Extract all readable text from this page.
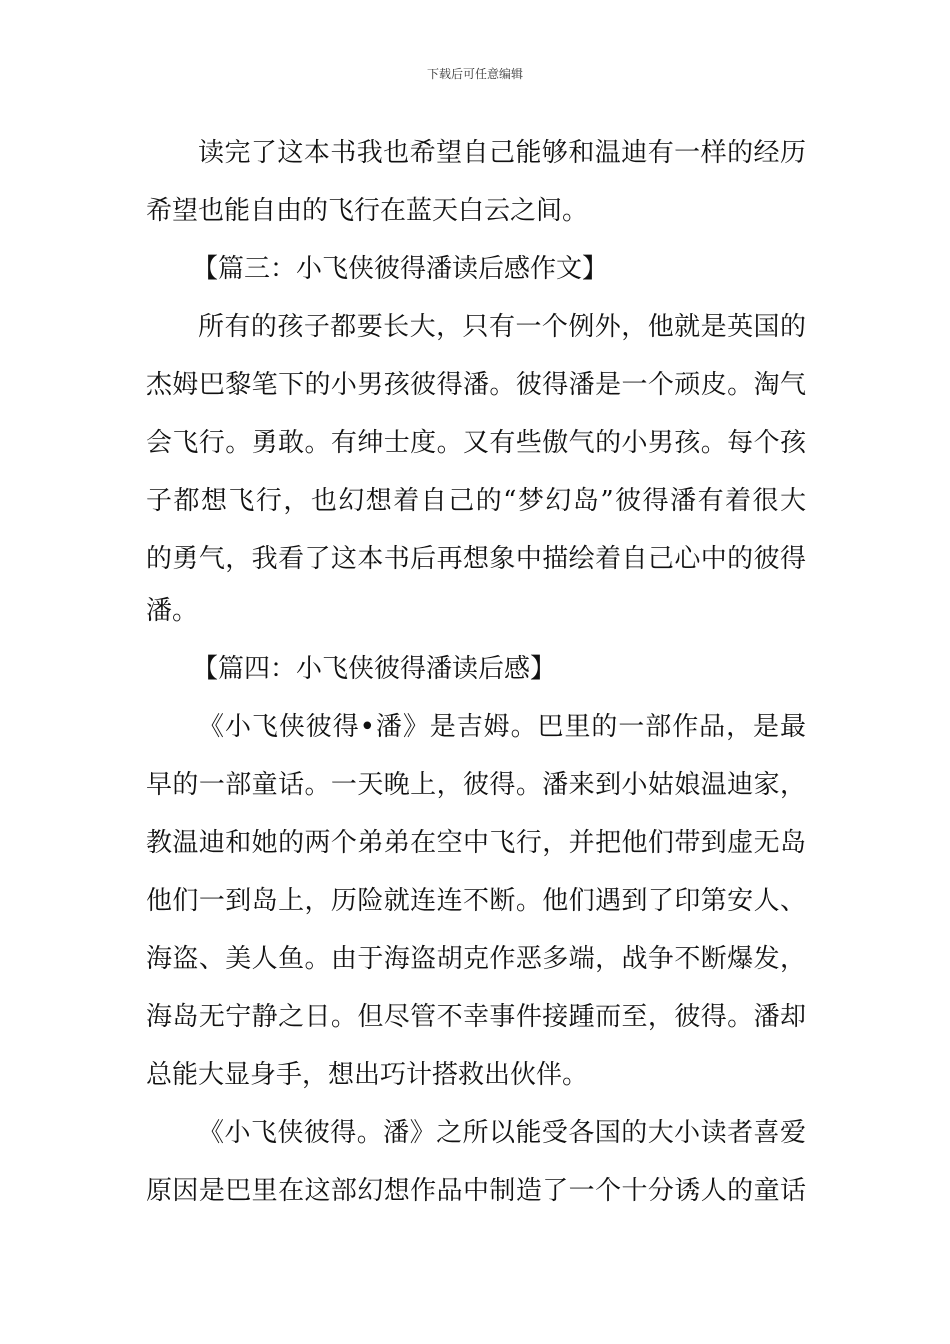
下载后可任意编辑
读完了这本书我也希望自己能够和温迪有一样的经历
希望也能自由的飞行在蓝天白云之间。
【篇三：小飞侠彼得潘读后感作文】
所有的孩子都要长大，只有一个例外，他就是英国的
杰姆巴黎笔下的小男孩彼得潘。彼得潘是一个顽皮。淘气
会飞行。勇敢。有绅士度。又有些傲气的小男孩。每个孩
子都想飞行，也幻想着自己的“梦幻岛”彼得潘有着很大
的勇气，我看了这本书后再想象中描绘着自己心中的彼得
潘。
【篇四：小飞侠彼得潘读后感】
《小飞侠彼得•潘》是吉姆。巴里的一部作品，是最
早的一部童话。一天晚上，彼得。潘来到小姑娘温迪家，
教温迪和她的两个弟弟在空中飞行，并把他们带到虚无岛
他们一到岛上，历险就连连不断。他们遇到了印第安人、
海盗、美人鱼。由于海盗胡克作恶多端，战争不断爆发，
海岛无宁静之日。但尽管不幸事件接踵而至，彼得。潘却
总能大显身手，想出巧计搭救出伙伴。
《小飞侠彼得。潘》之所以能受各国的大小读者喜爱
原因是巴里在这部幻想作品中制造了一个十分诱人的童话
